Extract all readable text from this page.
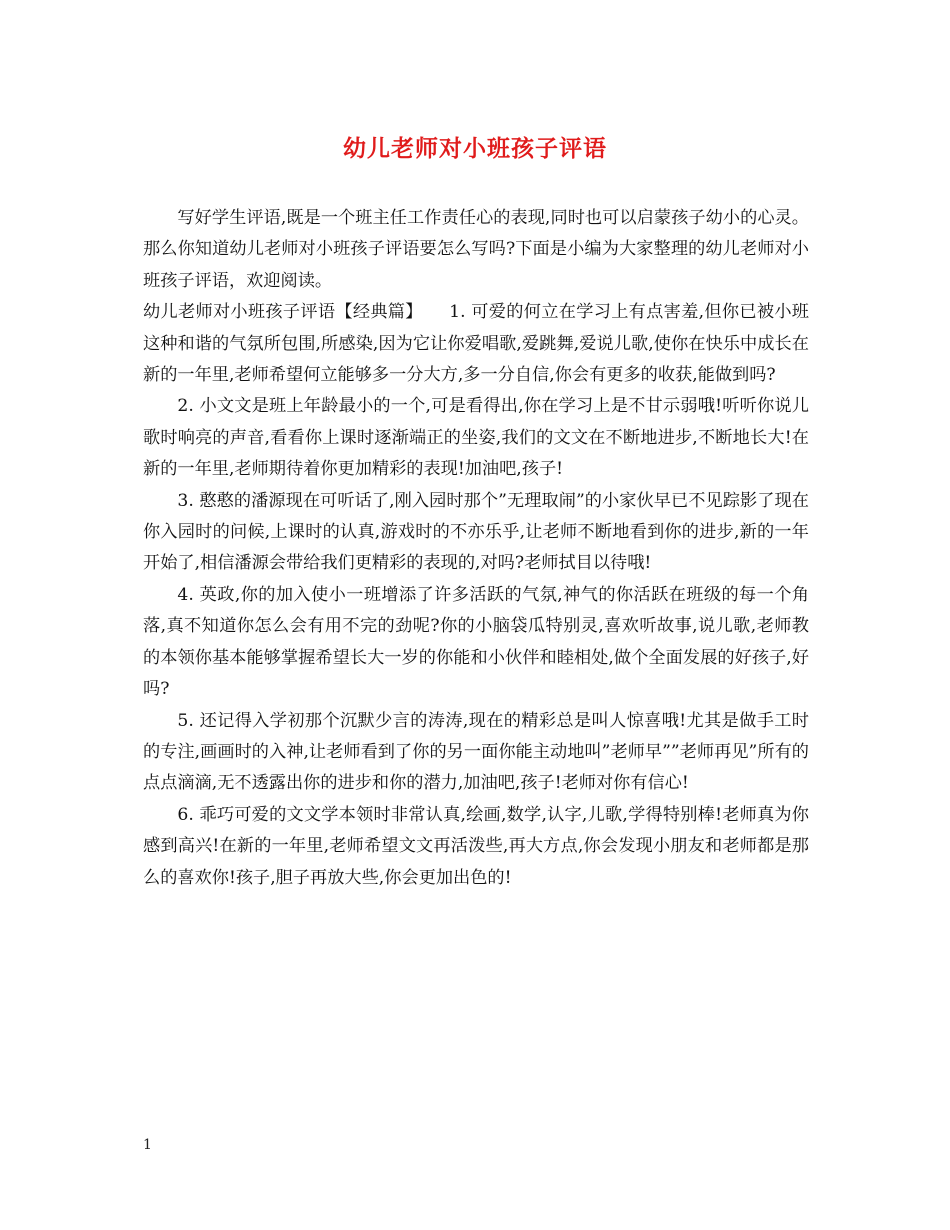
幼儿老师对小班孩子评语

写好学生评语,既是一个班主任工作责任心的表现,同时也可以启蒙孩子幼小的心灵。那么你知道幼儿老师对小班孩子评语要怎么写吗?下面是小编为大家整理的幼儿老师对小班孩子评语，欢迎阅读。

幼儿老师对小班孩子评语【经典篇】　　1. 可爱的何立在学习上有点害羞,但你已被小班这种和谐的气氛所包围,所感染,因为它让你爱唱歌,爱跳舞,爱说儿歌,使你在快乐中成长在新的一年里,老师希望何立能够多一分大方,多一分自信,你会有更多的收获,能做到吗?

2. 小文文是班上年龄最小的一个,可是看得出,你在学习上是不甘示弱哦!听听你说儿歌时响亮的声音,看看你上课时逐渐端正的坐姿,我们的文文在不断地进步,不断地长大!在新的一年里,老师期待着你更加精彩的表现!加油吧,孩子!

3. 憨憨的潘源现在可听话了,刚入园时那个”无理取闹”的小家伙早已不见踪影了现在你入园时的问候,上课时的认真,游戏时的不亦乐乎,让老师不断地看到你的进步,新的一年开始了,相信潘源会带给我们更精彩的表现的,对吗?老师拭目以待哦!

4. 英政,你的加入使小一班增添了许多活跃的气氛,神气的你活跃在班级的每一个角落,真不知道你怎么会有用不完的劲呢?你的小脑袋瓜特别灵,喜欢听故事,说儿歌,老师教的本领你基本能够掌握希望长大一岁的你能和小伙伴和睦相处,做个全面发展的好孩子,好吗?

5. 还记得入学初那个沉默少言的涛涛,现在的精彩总是叫人惊喜哦!尤其是做手工时的专注,画画时的入神,让老师看到了你的另一面你能主动地叫”老师早””老师再见”所有的点点滴滴,无不透露出你的进步和你的潜力,加油吧,孩子!老师对你有信心!

6. 乖巧可爱的文文学本领时非常认真,绘画,数学,认字,儿歌,学得特别棒!老师真为你感到高兴!在新的一年里,老师希望文文再活泼些,再大方点,你会发现小朋友和老师都是那么的喜欢你!孩子,胆子再放大些,你会更加出色的!

1
